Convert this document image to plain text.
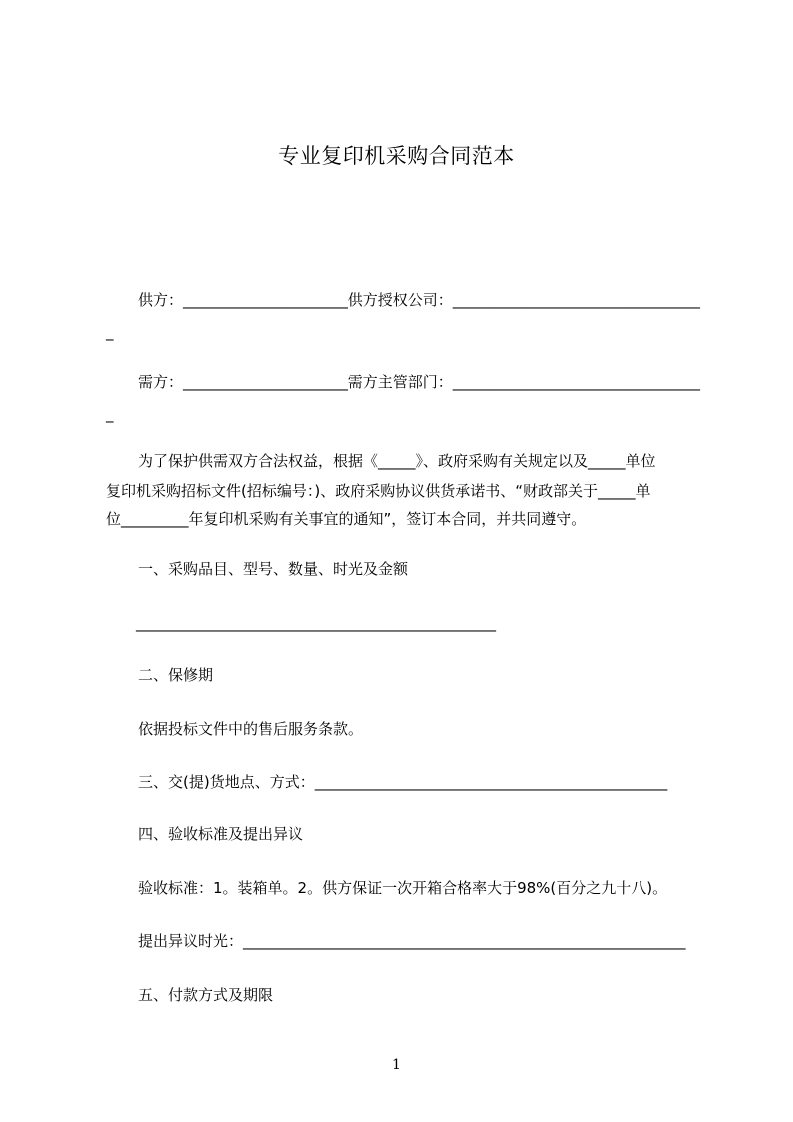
专业复印机采购合同范本
供方：______________________供方授权公司：_________________________________
_
需方：______________________需方主管部门：_________________________________
_
为了保护供需双方合法权益，根据《_____》、政府采购有关规定以及_____单位
复印机采购招标文件(招标编号：)、政府采购协议供货承诺书、“财政部关于_____单
位_________年复印机采购有关事宜的通知”，签订本合同，并共同遵守。
一、采购品目、型号、数量、时光及金额
________________________________________________
二、保修期
依据投标文件中的售后服务条款。
三、交(提)货地点、方式：_______________________________________________
四、验收标准及提出异议
验收标准：1。装箱单。2。供方保证一次开箱合格率大于98%(百分之九十八)。
提出异议时光：___________________________________________________________
五、付款方式及期限
1
